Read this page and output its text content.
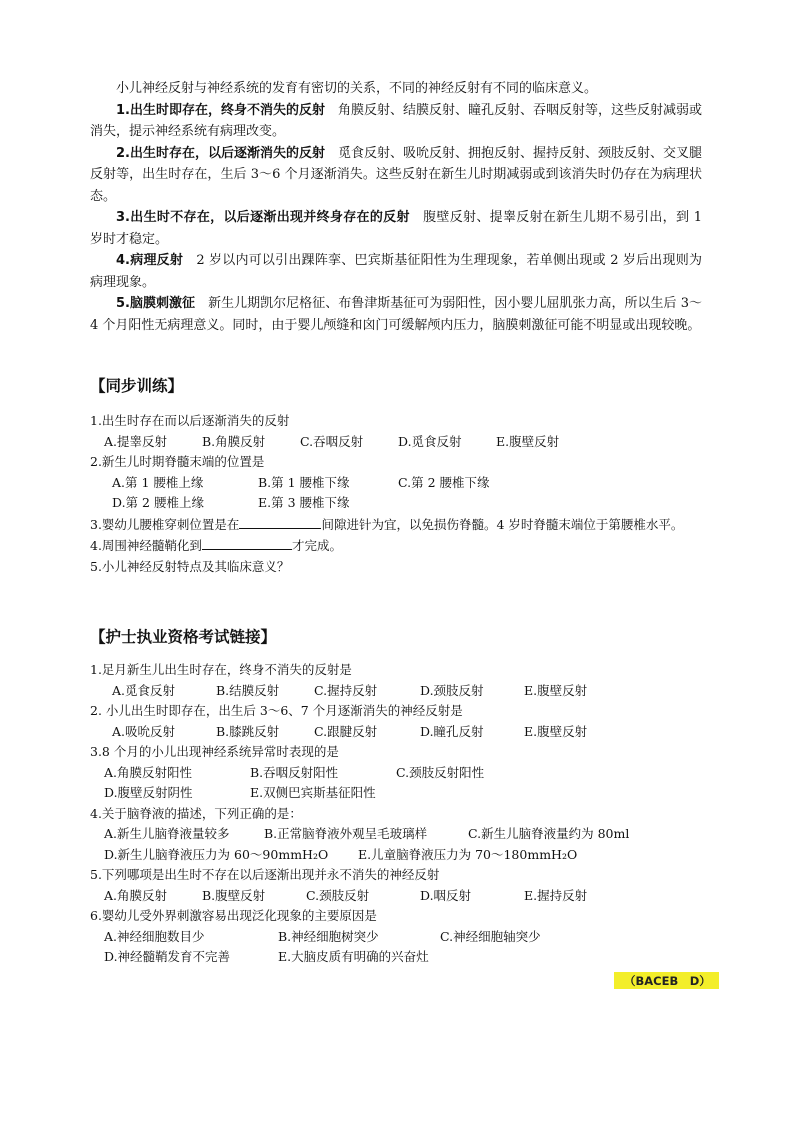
小儿神经反射与神经系统的发育有密切的关系，不同的神经反射有不同的临床意义。

1.出生时即存在，终身不消失的反射　 角膜反射、结膜反射、瞳孔反射、吞咽反射等，这些反射减弱或消失，提示神经系统有病理改变。

2.出生时存在，以后逐渐消失的反射　 觅食反射、吸吮反射、拥抱反射、握持反射、颈肢反射、交叉腿反射等，出生时存在，生后 3～6 个月逐渐消失。这些反射在新生儿时期减弱或到该消失时仍存在为病理状态。

3.出生时不存在，以后逐渐出现并终身存在的反射　 腹壁反射、提睾反射在新生儿期不易引出，到 1 岁时才稳定。

4.病理反射　 2 岁以内可以引出踝阵挛、巴宾斯基征阳性为生理现象，若单侧出现或 2 岁后出现则为病理现象。

5.脑膜刺激征　 新生儿期凯尔尼格征、布鲁津斯基征可为弱阳性，因小婴儿屈肌张力高，所以生后 3～4 个月阳性无病理意义。同时，由于婴儿颅缝和囟门可缓解颅内压力，脑膜刺激征可能不明显或出现较晚。

【同步训练】
1.出生时存在而以后逐渐消失的反射
A.提睾反射	B.角膜反射	C.吞咽反射	D.觅食反射	E.腹壁反射
2.新生儿时期脊髓末端的位置是
A.第 1 腰椎上缘	B.第 1 腰椎下缘	C.第 2 腰椎下缘
D.第 2 腰椎上缘	E.第 3 腰椎下缘
3.婴幼儿腰椎穿刺位置是在	间隙进针为宜，以免损伤脊髓。4 岁时脊髓末端位于第腰椎水平。
4.周围神经髓鞘化到	才完成。
5.小儿神经反射特点及其临床意义？
【护士执业资格考试链接】
1.足月新生儿出生时存在，终身不消失的反射是
A.觅食反射	B.结膜反射	C.握持反射	D.颈肢反射	E.腹壁反射
2. 小儿出生时即存在，出生后 3～6、7 个月逐渐消失的神经反射是
A.吸吮反射	B.膝跳反射	C.跟腱反射	D.瞳孔反射	E.腹壁反射
3.8 个月的小儿出现神经系统异常时表现的是
A.角膜反射阳性	B.吞咽反射阳性	C.颈肢反射阳性
D.腹壁反射阴性	E.双侧巴宾斯基征阳性
4.关于脑脊液的描述，下列正确的是：
A.新生儿脑脊液量较多	B.正常脑脊液外观呈毛玻璃样	C.新生儿脑脊液量约为 80ml
D.新生儿脑脊液压力为 60～90mmH₂O E.儿童脑脊液压力为 70～180mmH₂O
5.下列哪项是出生时不存在以后逐渐出现并永不消失的神经反射
A.角膜反射	B.腹壁反射	C.颈肢反射	D.咽反射	E.握持反射
6.婴幼儿受外界刺激容易出现泛化现象的主要原因是
A.神经细胞数目少	B.神经细胞树突少	C.神经细胞轴突少
D.神经髓鞘发育不完善	E.大脑皮质有明确的兴奋灶
（BACEB　D）
